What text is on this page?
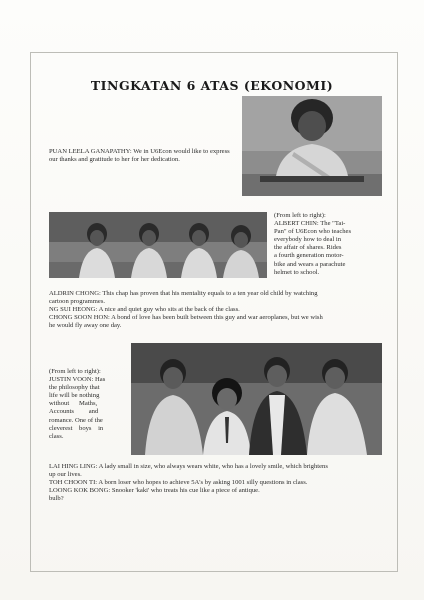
TINGKATAN 6 ATAS (EKONOMI)
PUAN LEELA GANAPATHY: We in U6Econ would like to express our thanks and gratitude to her for her dedication.
(From left to right):
ALBERT CHIN: The "Tai-
Pan" of U6Econ who teaches
everybody how to deal in
the affair of shares. Rides
a fourth generation motor-
bike and wears a parachute
helmet to school.
ALDRIN CHONG: This chap has proven that his mentality equals to a ten year old child by watching
cartoon programmes.
NG SUI HEONG: A nice and quiet guy who sits at the back of the class.
CHONG SOON HON: A bond of love has been built between this guy and war aeroplanes, but we wish
he would fly away one day.
(From left to right):
JUSTIN VOON: Has
the philosophy that
life will be nothing
without      Maths,
Accounts         and
romance. One of the
cleverest    boys    in
class.
LAI HING LING: A lady small in size, who always wears white, who has a lovely smile, which brightens
up our lives.
TOH CHOON TI: A born loser who hopes to achieve 5A's by asking 1001 silly questions in class.
LOONG KOK BONG: Snooker 'kaki' who treats his cue like a piece of antique.
bulb?
